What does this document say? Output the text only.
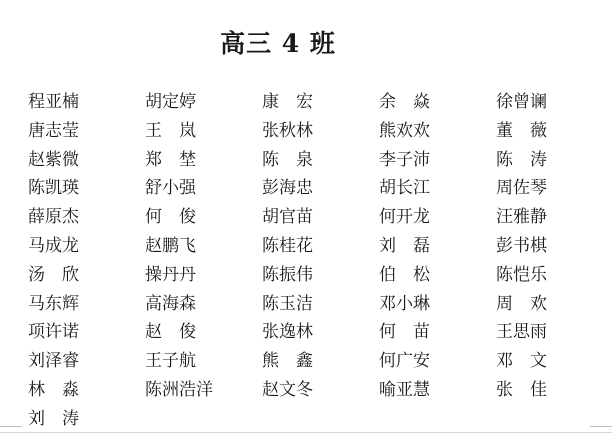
高三 4 班
程亚楠	胡定婷	康　宏	余　焱	徐曾谰
唐志莹	王　岚	张秋林	熊欢欢	董　薇
赵紫微	郑　埜	陈　泉	李子沛	陈　涛
陈凯瑛	舒小强	彭海忠	胡长江	周佐琴
薛原杰	何　俊	胡官苗	何开龙	汪雅静
马成龙	赵鹏飞	陈桂花	刘　磊	彭书棋
汤　欣	操丹丹	陈振伟	伯　松	陈恺乐
马东辉	高海森	陈玉洁	邓小琳	周　欢
项许诺	赵　俊	张逸林	何　苗	王思雨
刘泽睿	王子航	熊　鑫	何广安	邓　文
林　淼	陈洲浩洋	赵文冬	喻亚慧	张　佳
刘　涛
